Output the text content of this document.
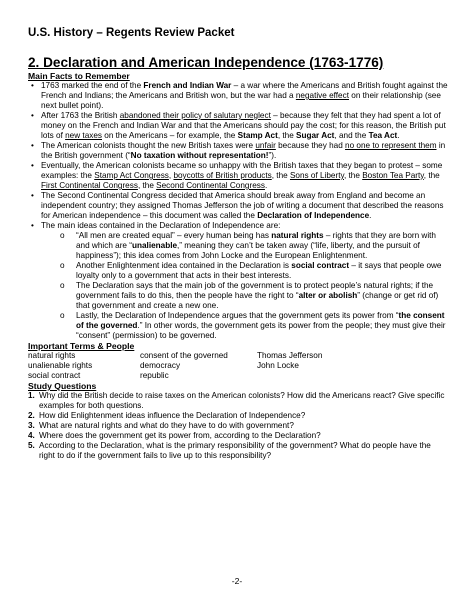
U.S. History – Regents Review Packet
2. Declaration and American Independence (1763-1776)
Main Facts to Remember
• 1763 marked the end of the French and Indian War – a war where the Americans and British fought against the French and Indians; the Americans and British won, but the war had a negative effect on their relationship (see next bullet point).
• After 1763 the British abandoned their policy of salutary neglect – because they felt that they had spent a lot of money on the French and Indian War and that the Americans should pay the cost; for this reason, the British put lots of new taxes on the Americans – for example, the Stamp Act, the Sugar Act, and the Tea Act.
• The American colonists thought the new British taxes were unfair because they had no one to represent them in the British government (“No taxation without representation!”).
• Eventually, the American colonists became so unhappy with the British taxes that they began to protest – some examples: the Stamp Act Congress, boycotts of British products, the Sons of Liberty, the Boston Tea Party, the First Continental Congress, the Second Continental Congress.
• The Second Continental Congress decided that America should break away from England and become an independent country; they assigned Thomas Jefferson the job of writing a document that described the reasons for American independence – this document was called the Declaration of Independence.
• The main ideas contained in the Declaration of Independence are:
o “All men are created equal” – every human being has natural rights – rights that they are born with and which are “unalienable,” meaning they can’t be taken away (“life, liberty, and the pursuit of happiness”); this idea comes from John Locke and the European Enlightenment.
o Another Enlightenment idea contained in the Declaration is social contract – it says that people owe loyalty only to a government that acts in their best interests.
o The Declaration says that the main job of the government is to protect people’s natural rights; if the government fails to do this, then the people have the right to “alter or abolish” (change or get rid of) that government and create a new one.
o Lastly, the Declaration of Independence argues that the government gets its power from “the consent of the governed.” In other words, the government gets its power from the people; they must give their “consent” (permission) to be governed.
Important Terms & People
natural rights	consent of the governed	Thomas Jefferson
unalienable rights	democracy	John Locke
social contract	republic
Study Questions
1. Why did the British decide to raise taxes on the American colonists? How did the Americans react? Give specific examples for both questions.
2. How did Enlightenment ideas influence the Declaration of Independence?
3. What are natural rights and what do they have to do with government?
4. Where does the government get its power from, according to the Declaration?
5. According to the Declaration, what is the primary responsibility of the government? What do people have the right to do if the government fails to live up to this responsibility?
-2-
